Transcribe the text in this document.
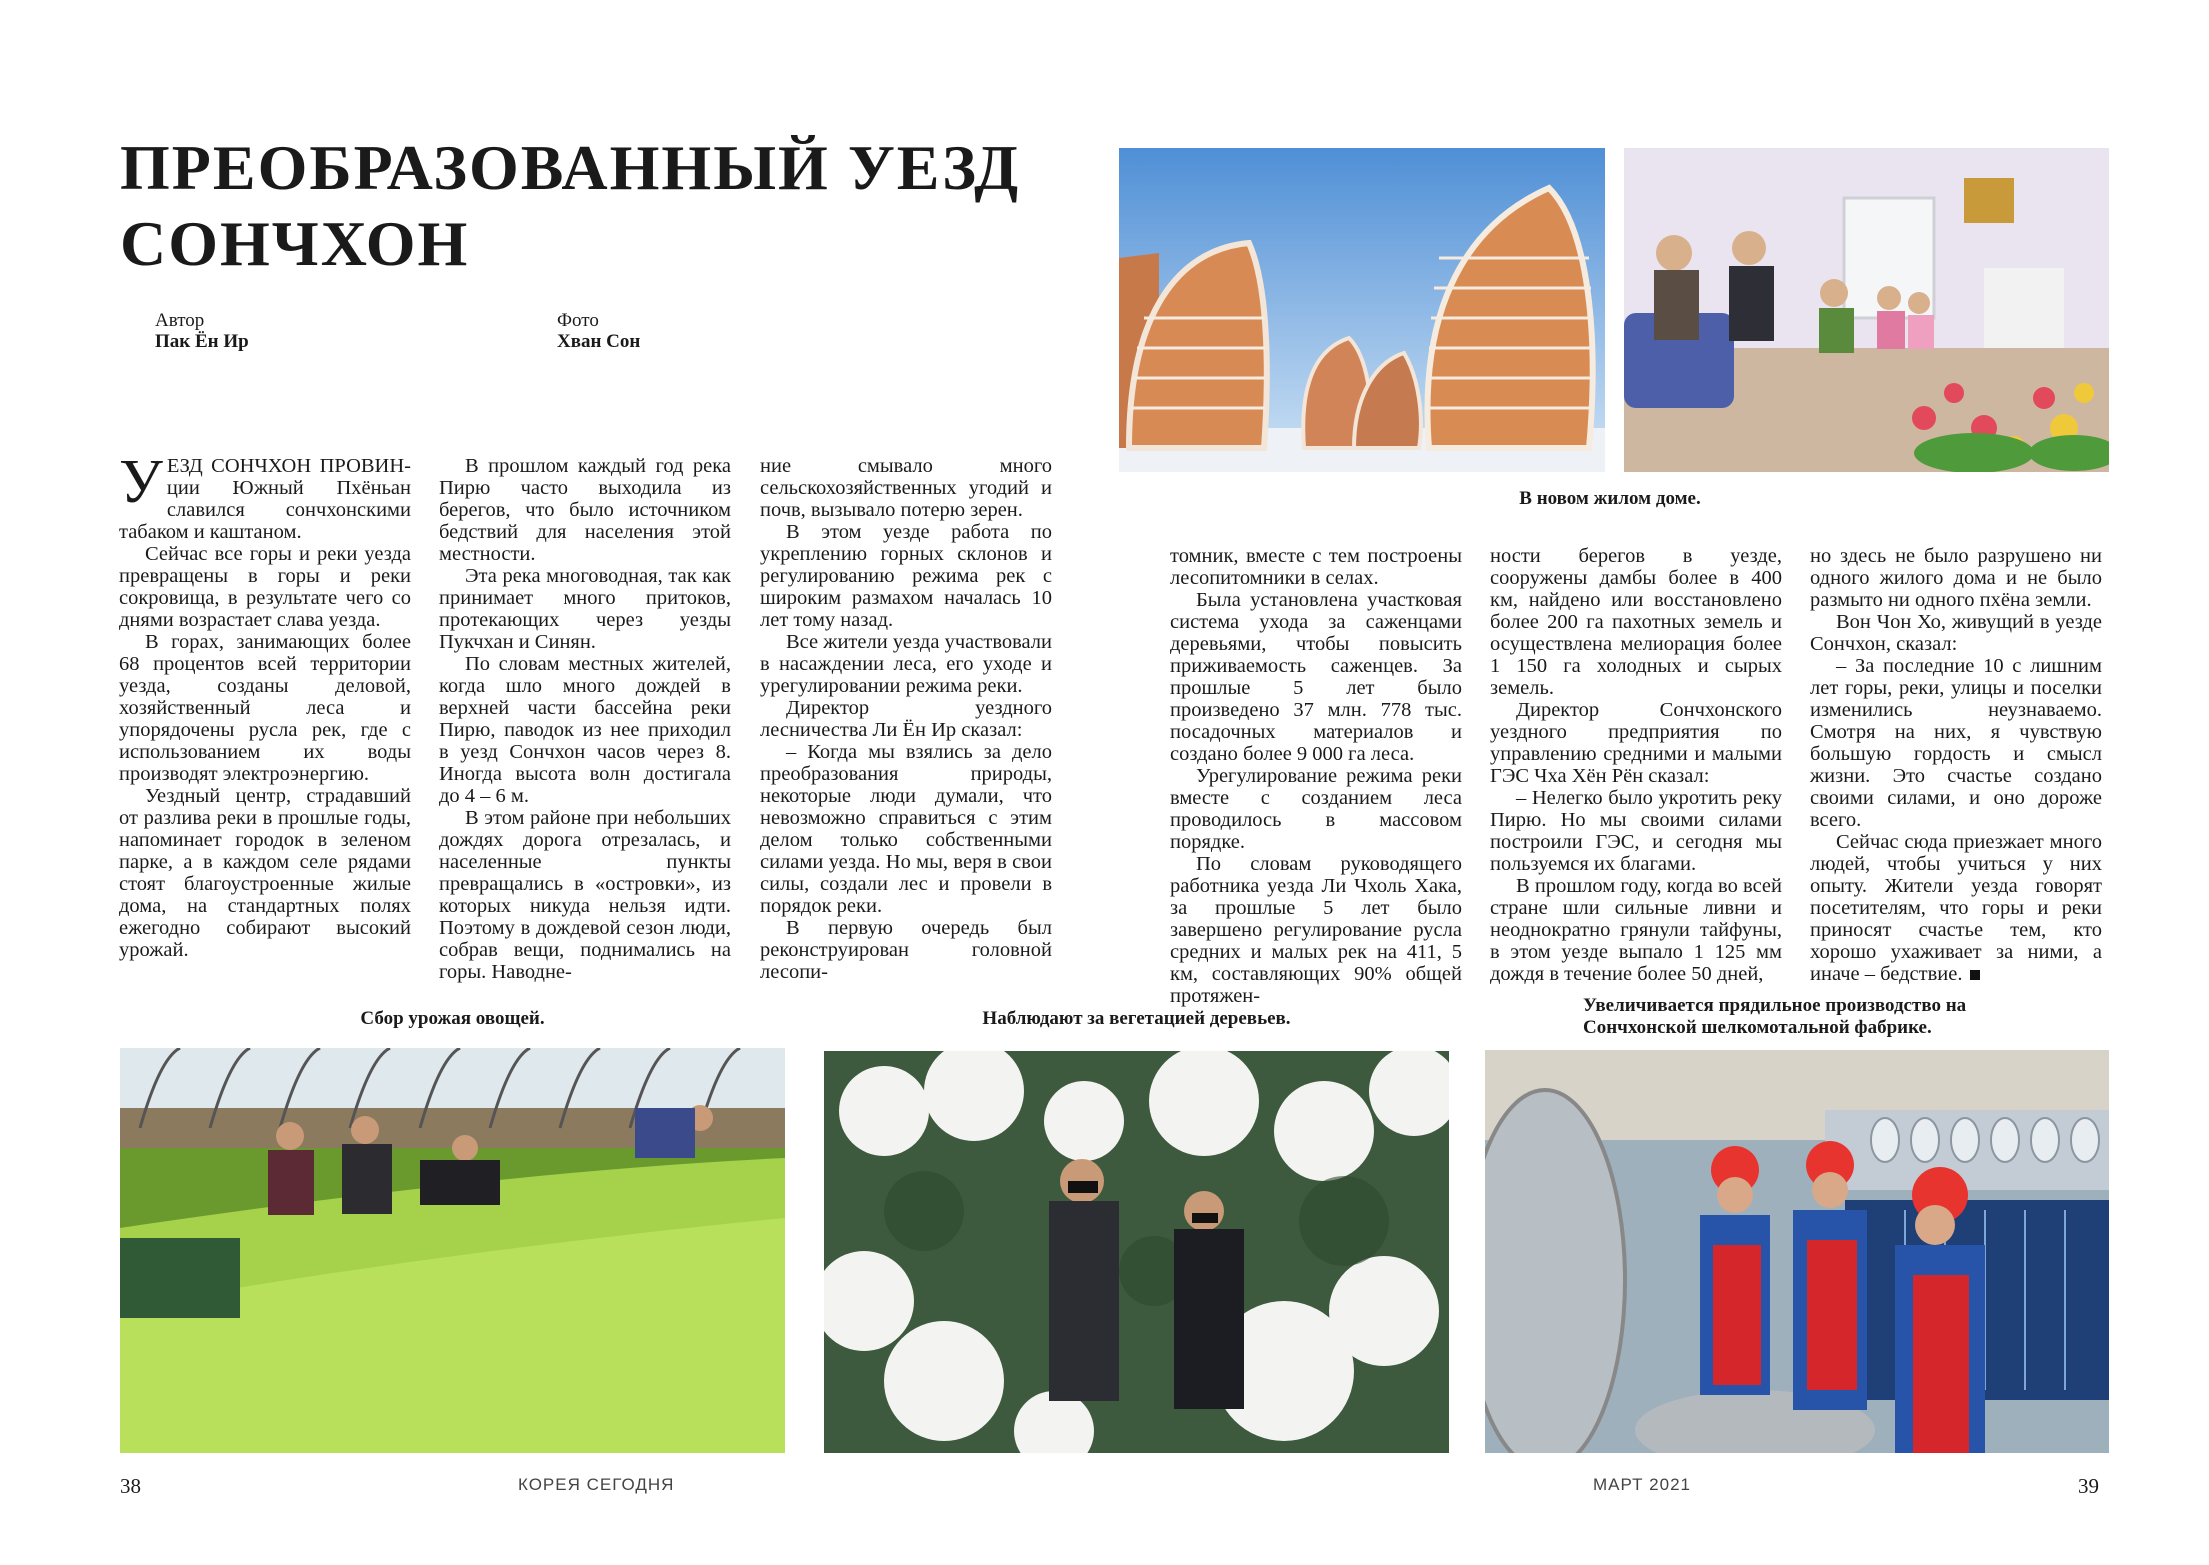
ПРЕОБРАЗОВАННЫЙ УЕЗД
СОНЧХОН
Автор
Пак Ён Ир
Фото
Хван Сон
В новом жилом доме.

УЕЗД СОНЧХОН ПРОВИН- ции Южный Пхёньан славился сончхонскими табаком и каштаном.

Сейчас все горы и реки уезда превращены в горы и реки сокровища, в результате чего со днями возрастает слава уезда.

В горах, занимающих более 68 процентов всей территории уезда, созданы деловой, хозяйственный леса и упорядочены русла рек, где с использованием их воды производят электроэнергию.

Уездный центр, страдавший от разлива реки в прошлые годы, напоминает городок в зеленом парке, а в каждом селе рядами стоят благоустроенные жилые дома, на стандартных полях ежегодно собирают высокий урожай.

В прошлом каждый год река Пирю часто выходила из берегов, что было источником бедствий для населения этой местности.

Эта река многоводная, так как принимает много притоков, протекающих через уезды Пукчхан и Синян.

По словам местных жителей, когда шло много дождей в верхней части бассейна реки Пирю, паводок из нее приходил в уезд Сончхон часов через 8. Иногда высота волн достигала до 4 – 6 м.

В этом районе при небольших дождях дорога отрезалась, и населенные пункты превращались в «островки», из которых никуда нельзя идти. Поэтому в дождевой сезон люди, собрав вещи, поднимались на горы. Наводне-

ние смывало много сельскохозяйственных угодий и почв, вызывало потерю зерен.

В этом уезде работа по укреплению горных склонов и регулированию режима рек с широким размахом началась 10 лет тому назад.

Все жители уезда участвовали в насаждении леса, его уходе и урегулировании режима реки.

Директор уездного лесничества Ли Ён Ир сказал:

– Когда мы взялись за дело преобразования природы, некоторые люди думали, что невозможно справиться с этим делом только собственными силами уезда. Но мы, веря в свои силы, создали лес и провели в порядок реки.

В первую очередь был реконструирован головной лесопи-

томник, вместе с тем построены лесопитомники в селах.

Была установлена участковая система ухода за саженцами деревьями, чтобы повысить приживаемость саженцев. За прошлые 5 лет было произведено 37 млн. 778 тыс. посадочных материалов и создано более 9 000 га леса.

Урегулирование режима реки вместе с созданием леса проводилось в массовом порядке.

По словам руководящего работника уезда Ли Чхоль Хака, за прошлые 5 лет было завершено регулирование русла средних и малых рек на 411, 5 км, составляющих 90% общей протяжен-

ности берегов в уезде, сооружены дамбы более в 400 км, найдено или восстановлено более 200 га пахотных земель и осуществлена мелиорация более 1 150 га холодных и сырых земель.

Директор Сончхонского уездного предприятия по управлению средними и малыми ГЭС Чха Хён Рён сказал:

– Нелегко было укротить реку Пирю. Но мы своими силами построили ГЭС, и сегодня мы пользуемся их благами.

В прошлом году, когда во всей стране шли сильные ливни и неоднократно грянули тайфуны, в этом уезде выпало 1 125 мм дождя в течение более 50 дней,

но здесь не было разрушено ни одного жилого дома и не было размыто ни одного пхёна земли.

Вон Чон Хо, живущий в уезде Сончхон, сказал:

– За последние 10 с лишним лет горы, реки, улицы и поселки изменились неузнаваемо. Смотря на них, я чувствую большую гордость и смысл жизни. Это счастье создано своими силами, и оно дороже всего.

Сейчас сюда приезжает много людей, чтобы учиться у них опыту. Жители уезда говорят посетителям, что горы и реки приносят счастье тем, кто хорошо ухаживает за ними, а иначе – бедствие.

Сбор урожая овощей.	Наблюдают за вегетацией деревьев.
Увеличивается прядильное производство на
Сончхонской шелкомотальной фабрике.
38	КОРЕЯ СЕГОДНЯ	МАРТ 2021	39
